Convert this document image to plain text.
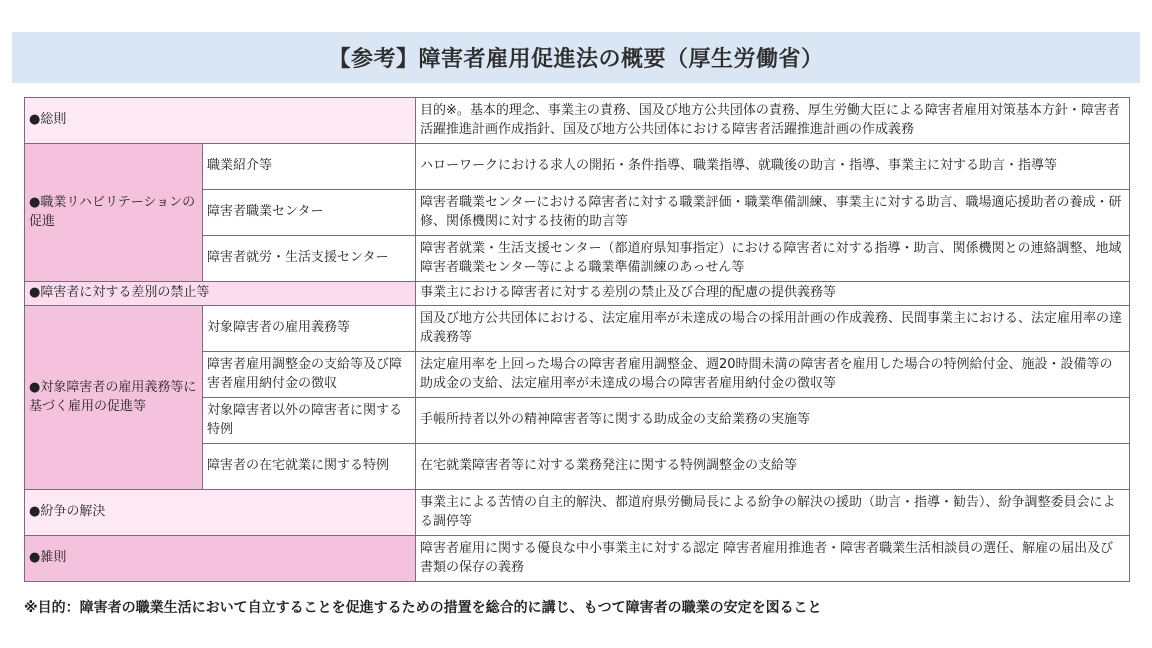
【参考】障害者雇用促進法の概要（厚生労働省）
●総則		目的※。基本的理念、事業主の責務、国及び地方公共団体の責務、厚生労働大臣による障害者雇用対策基本方針・障害者活躍推進計画作成指針、国及び地方公共団体における障害者活躍推進計画の作成義務
●職業リハビリテーションの促進	職業紹介等	ハローワークにおける求人の開拓・条件指導、職業指導、就職後の助言・指導、事業主に対する助言・指導等
	障害者職業センター	障害者職業センターにおける障害者に対する職業評価・職業準備訓練、事業主に対する助言、職場適応援助者の養成・研修、関係機関に対する技術的助言等
	障害者就労・生活支援センター	障害者就業・生活支援センター（都道府県知事指定）における障害者に対する指導・助言、関係機関との連絡調整、地域障害者職業センター等による職業準備訓練のあっせん等
●障害者に対する差別の禁止等		事業主における障害者に対する差別の禁止及び合理的配慮の提供義務等
●対象障害者の雇用義務等に基づく雇用の促進等	対象障害者の雇用義務等	国及び地方公共団体における、法定雇用率が未達成の場合の採用計画の作成義務、民間事業主における、法定雇用率の達成義務等
	障害者雇用調整金の支給等及び障害者雇用納付金の徴収	法定雇用率を上回った場合の障害者雇用調整金、週20時間未満の障害者を雇用した場合の特例給付金、施設・設備等の助成金の支給、法定雇用率が未達成の場合の障害者雇用納付金の徴収等
	対象障害者以外の障害者に関する特例	手帳所持者以外の精神障害者等に関する助成金の支給業務の実施等
	障害者の在宅就業に関する特例	在宅就業障害者等に対する業務発注に関する特例調整金の支給等
●紛争の解決		事業主による苦情の自主的解決、都道府県労働局長による紛争の解決の援助（助言・指導・勧告）、紛争調整委員会による調停等
●雑則		障害者雇用に関する優良な中小事業主に対する認定 障害者雇用推進者・障害者職業生活相談員の選任、解雇の届出及び書類の保存の義務
※目的：障害者の職業生活において自立することを促進するための措置を総合的に講じ、もつて障害者の職業の安定を図ること
